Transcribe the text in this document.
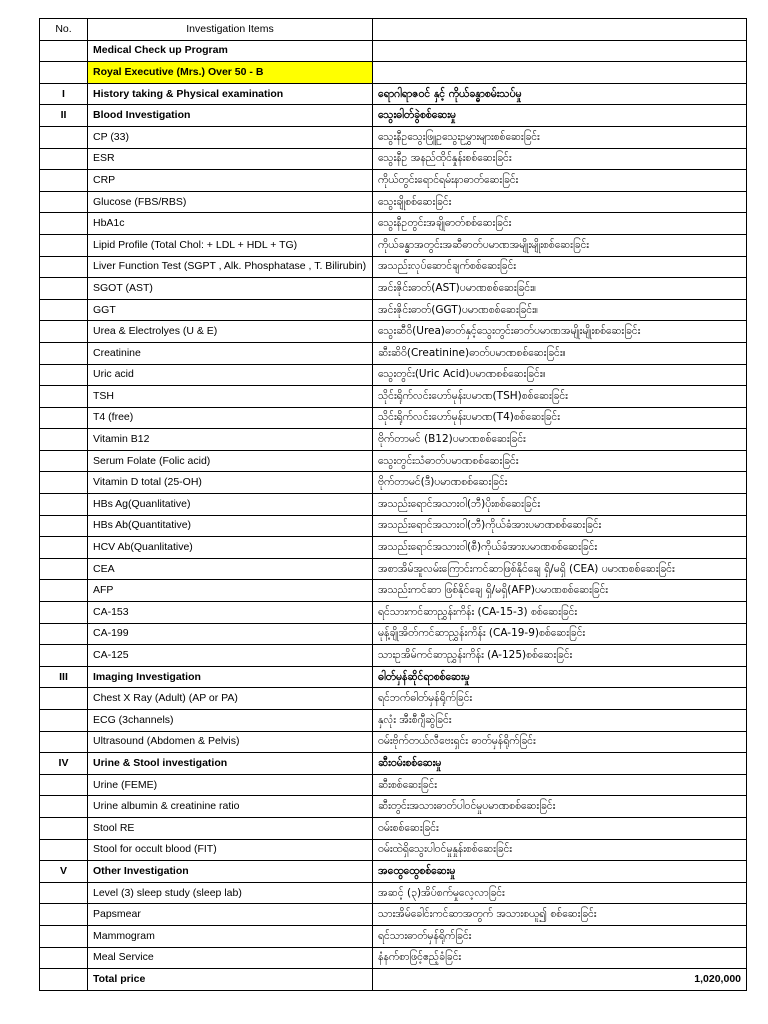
No.	Investigation Items	
	Medical Check up Program	
	Royal Executive (Mrs.) Over 50 - B	
I	History taking & Physical examination	ရောဂါရာဇဝင် နှင့် ကိုယ်ခန္ဓာစမ်းသပ်မှု
II	Blood Investigation	သွေးဓါတ်ခွဲစစ်ဆေးမှု
	CP (33)	သွေးနီဥသွေးဖြူဥသွေးဥမွှားများစစ်ဆေးခြင်း
	ESR	သွေးနီဥ အနည်ထိုင်နှုန်းစစ်ဆေးခြင်း
	CRP	ကိုယ်တွင်းရောင်ရမ်းနာဓာတ်ဆေးခြင်း
	Glucose (FBS/RBS)	သွေးချိုစစ်ဆေးခြင်း
	HbA1c	သွေးနီဥတွင်းအချိုဓာတ်စစ်ဆေးခြင်း
	Lipid Profile (Total Chol: + LDL + HDL + TG)	ကိုယ်ခန္ဓာအတွင်းအဆီဓာတ်ပမာဏအမျိုးမျိုးစစ်ဆေးခြင်း
	Liver Function Test (SGPT , Alk. Phosphatase , T. Bilirubin)	အသည်းလုပ်ဆောင်ချက်စစ်ဆေးခြင်း
	SGOT (AST)	အင်းဇိုင်းဓာတ်(AST)ပမာဏစစ်ဆေးခြင်း။
	GGT	အင်းဇိုင်းဓာတ်(GGT)ပမာဏစစ်ဆေးခြင်း။
	Urea & Electrolyes (U & E)	သွေးဆီဝိ(Urea)ဓာတ်နှင့်သွေးတွင်းဓာတ်ပမာဏအမျိုးမျိုးစစ်ဆေးခြင်း
	Creatinine	ဆီးဆိဝိ(Creatinine)ဓာတ်ပမာဏစစ်ဆေးခြင်း။
	Uric acid	သွေးတွင်း(Uric Acid)ပမာဏစစ်ဆေးခြင်း။
	TSH	သိုင်းရိုက်လင်းဟော်မုန်းပမာဏ(TSH)စစ်ဆေးခြင်း
	T4 (free)	သိုင်းရိုက်လင်းဟော်မုန်းပမာဏ(T4)စစ်ဆေးခြင်း
	Vitamin B12	ဗိုက်တာမင် (B12)ပမာဏစစ်ဆေးခြင်း
	Serum Folate (Folic acid)	သွေးတွင်းသံဓာတ်ပမာဏစစ်ဆေးခြင်း
	Vitamin D total (25-OH)	ဗိုက်တာမင်(ဒီ)ပမာဏစစ်ဆေးခြင်း
	HBs Ag(Quanlitative)	အသည်းရောင်အသားဝါ(ဘီ)ပိုးစစ်ဆေးခြင်း
	HBs Ab(Quantitative)	အသည်းရောင်အသားဝါ(ဘီ)ကိုယ်ခံအားပမာဏစစ်ဆေးခြင်း
	HCV Ab(Quanlitative)	အသည်းရောင်အသားဝါ(စီ)ကိုယ်ခံအားပမာဏစစ်ဆေးခြင်း
	CEA	အစာအိမ်အူလမ်းကြောင်းကင်ဆာဖြစ်နိုင်ချေ ရှိ/မရှိ (CEA) ပမာဏစစ်ဆေးခြင်း
	AFP	အသည်းကင်ဆာ ဖြစ်နိုင်ချေ ရှိ/မရှိ(AFP)ပမာဏစစ်ဆေးခြင်း
	CA-153	ရင်သားကင်ဆာညွှန်းကိန်း (CA-15-3) စစ်ဆေးခြင်း
	CA-199	မုန့်ချိုအိတ်ကင်ဆာညွှန်းကိန်း (CA-19-9)စစ်ဆေးခြင်း
	CA-125	သားဥအိမ်ကင်ဆာညွှန်းကိန်း (A-125)စစ်ဆေးခြင်း
III	Imaging Investigation	ဓါတ်မှန်ဆိုင်ရာစစ်ဆေးမှု
	Chest X Ray (Adult) (AP or PA)	ရင်ဘက်ဓါတ်မှန်ရိုက်ခြင်း
	ECG (3channels)	နှလုံး အီးစီဂျီဆွဲခြင်း
	Ultrasound (Abdomen & Pelvis)	ဝမ်းဗိုက်တယ်လီဗေးရှင်း ဓာတ်မှန်ရိုက်ခြင်း
IV	Urine & Stool investigation	ဆီးဝမ်းစစ်ဆေးမှု
	Urine (FEME)	ဆီးစစ်ဆေးခြင်း
	Urine albumin & creatinine ratio	ဆီးတွင်းအသားဓာတ်ပါဝင်မှုပမာဏစစ်ဆေးခြင်း
	Stool RE	ဝမ်းစစ်ဆေးခြင်း
	Stool for occult blood (FIT)	ဝမ်းထဲရှိသွေးပါဝင်မှုနှုန်းစစ်ဆေးခြင်း
V	Other Investigation	အထွေထွေစစ်ဆေးမှု
	Level (3) sleep study (sleep lab)	အဆင့် (၃)အိပ်စက်မှုလေ့လာခြင်း
	Papsmear	သားအိမ်ခေါင်းကင်ဆာအတွက် အသားစယူ၍ စစ်ဆေးခြင်း
	Mammogram	ရင်သားဓာတ်မှန်ရိုက်ခြင်း
	Meal Service	နံနက်စာဖြင့်ဧည့်ခံခြင်း
	Total price	1,020,000
